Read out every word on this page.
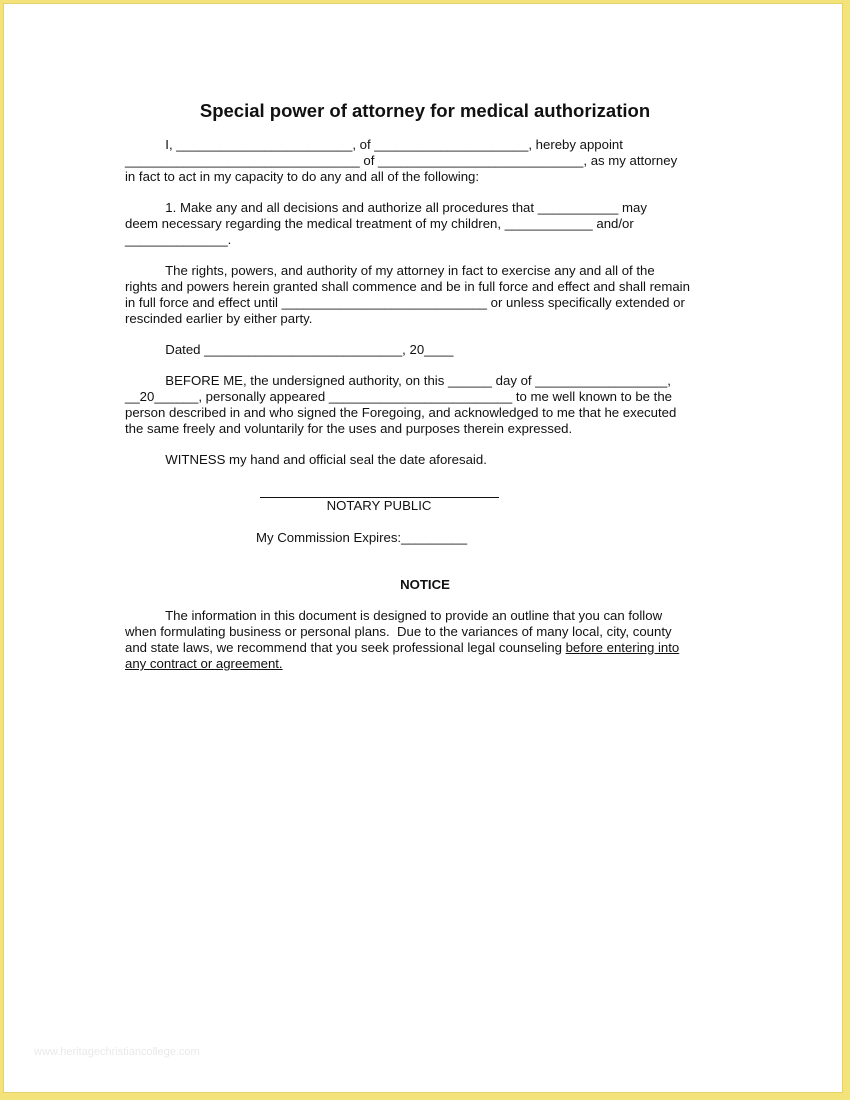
Special power of attorney for medical authorization
I, ________________________, of _____________________, hereby appoint
________________________________ of ____________________________, as my attorney
in fact to act in my capacity to do any and all of the following:
1. Make any and all decisions and authorize all procedures that ___________ may
deem necessary regarding the medical treatment of my children, ____________ and/or
______________.
The rights, powers, and authority of my attorney in fact to exercise any and all of the
rights and powers herein granted shall commence and be in full force and effect and shall remain
in full force and effect until ____________________________ or unless specifically extended or
rescinded earlier by either party.
Dated ___________________________, 20____
BEFORE ME, the undersigned authority, on this ______ day of __________________,
__20______, personally appeared _________________________ to me well known to be the
person described in and who signed the Foregoing, and acknowledged to me that he executed
the same freely and voluntarily for the uses and purposes therein expressed.
WITNESS my hand and official seal the date aforesaid.
NOTARY PUBLIC
My Commission Expires:_________
NOTICE
The information in this document is designed to provide an outline that you can follow
when formulating business or personal plans.  Due to the variances of many local, city, county
and state laws, we recommend that you seek professional legal counseling before entering into
any contract or agreement.
www.heritagechristiancollege.com
